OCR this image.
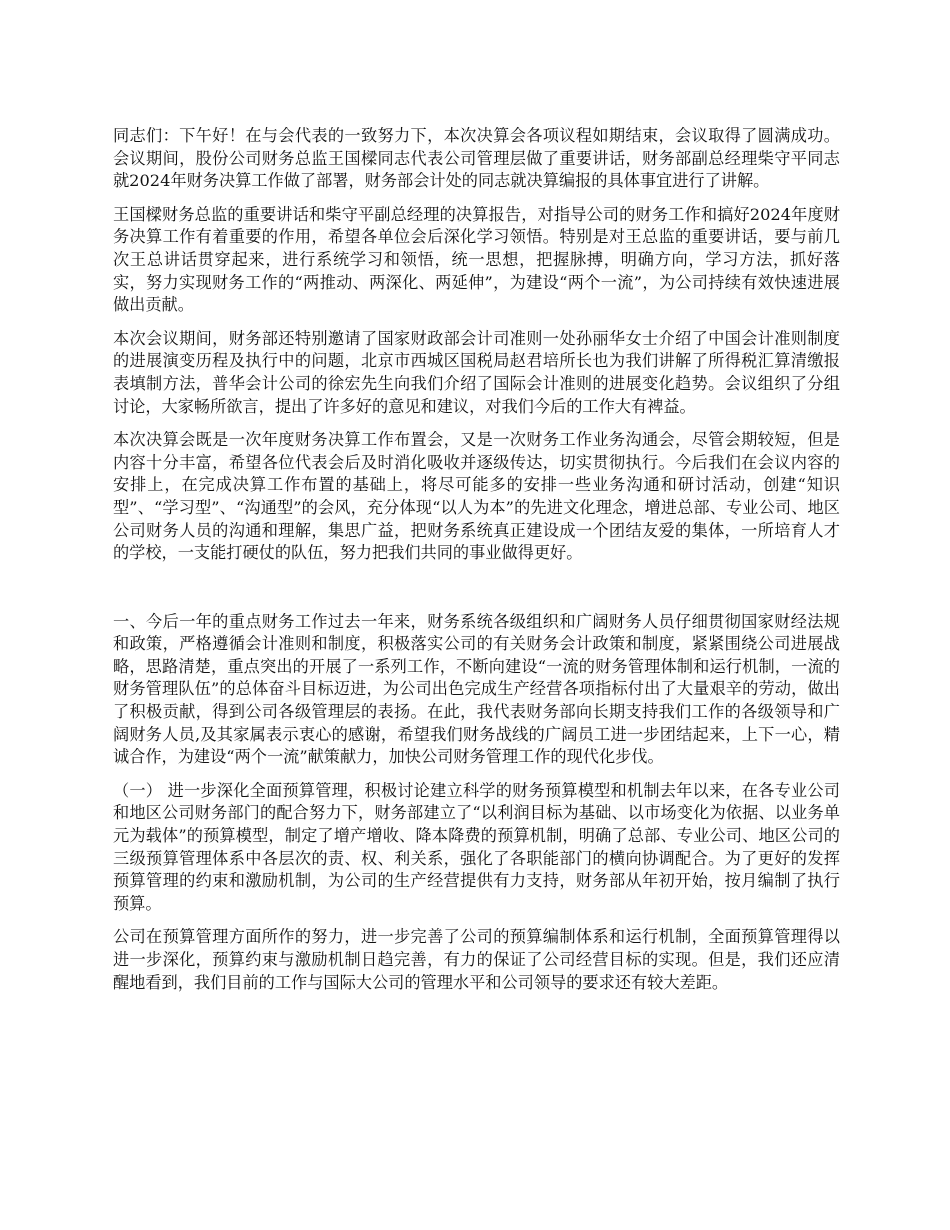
同志们：下午好！在与会代表的一致努力下，本次决算会各项议程如期结束，会议取得了圆满成功。会议期间，股份公司财务总监王国樑同志代表公司管理层做了重要讲话，财务部副总经理柴守平同志就2024年财务决算工作做了部署，财务部会计处的同志就决算编报的具体事宜进行了讲解。

王国樑财务总监的重要讲话和柴守平副总经理的决算报告，对指导公司的财务工作和搞好2024年度财务决算工作有着重要的作用，希望各单位会后深化学习领悟。特别是对王总监的重要讲话，要与前几次王总讲话贯穿起来，进行系统学习和领悟，统一思想，把握脉搏，明确方向，学习方法，抓好落实，努力实现财务工作的“两推动、两深化、两延伸”，为建设“两个一流”，为公司持续有效快速进展做出贡献。

本次会议期间，财务部还特别邀请了国家财政部会计司准则一处孙丽华女士介绍了中国会计准则制度的进展演变历程及执行中的问题，北京市西城区国税局赵君培所长也为我们讲解了所得税汇算清缴报表填制方法，普华会计公司的徐宏先生向我们介绍了国际会计准则的进展变化趋势。会议组织了分组讨论，大家畅所欲言，提出了许多好的意见和建议，对我们今后的工作大有裨益。

本次决算会既是一次年度财务决算工作布置会，又是一次财务工作业务沟通会，尽管会期较短，但是内容十分丰富，希望各位代表会后及时消化吸收并逐级传达，切实贯彻执行。今后我们在会议内容的安排上，在完成决算工作布置的基础上，将尽可能多的安排一些业务沟通和研讨活动，创建“知识型”、“学习型”、“沟通型”的会风，充分体现“以人为本”的先进文化理念，增进总部、专业公司、地区公司财务人员的沟通和理解，集思广益，把财务系统真正建设成一个团结友爱的集体，一所培育人才的学校，一支能打硬仗的队伍，努力把我们共同的事业做得更好。

一、今后一年的重点财务工作过去一年来，财务系统各级组织和广阔财务人员仔细贯彻国家财经法规和政策，严格遵循会计准则和制度，积极落实公司的有关财务会计政策和制度，紧紧围绕公司进展战略，思路清楚，重点突出的开展了一系列工作，不断向建设“一流的财务管理体制和运行机制，一流的财务管理队伍”的总体奋斗目标迈进，为公司出色完成生产经营各项指标付出了大量艰辛的劳动，做出了积极贡献，得到公司各级管理层的表扬。在此，我代表财务部向长期支持我们工作的各级领导和广阔财务人员,及其家属表示衷心的感谢，希望我们财务战线的广阔员工进一步团结起来，上下一心，精诚合作，为建设“两个一流”献策献力，加快公司财务管理工作的现代化步伐。

（一） 进一步深化全面预算管理，积极讨论建立科学的财务预算模型和机制去年以来，在各专业公司和地区公司财务部门的配合努力下，财务部建立了“以利润目标为基础、以市场变化为依据、以业务单元为载体”的预算模型，制定了增产增收、降本降费的预算机制，明确了总部、专业公司、地区公司的三级预算管理体系中各层次的责、权、利关系，强化了各职能部门的横向协调配合。为了更好的发挥预算管理的约束和激励机制，为公司的生产经营提供有力支持，财务部从年初开始，按月编制了执行预算。

公司在预算管理方面所作的努力，进一步完善了公司的预算编制体系和运行机制，全面预算管理得以进一步深化，预算约束与激励机制日趋完善，有力的保证了公司经营目标的实现。但是，我们还应清醒地看到，我们目前的工作与国际大公司的管理水平和公司领导的要求还有较大差距。
